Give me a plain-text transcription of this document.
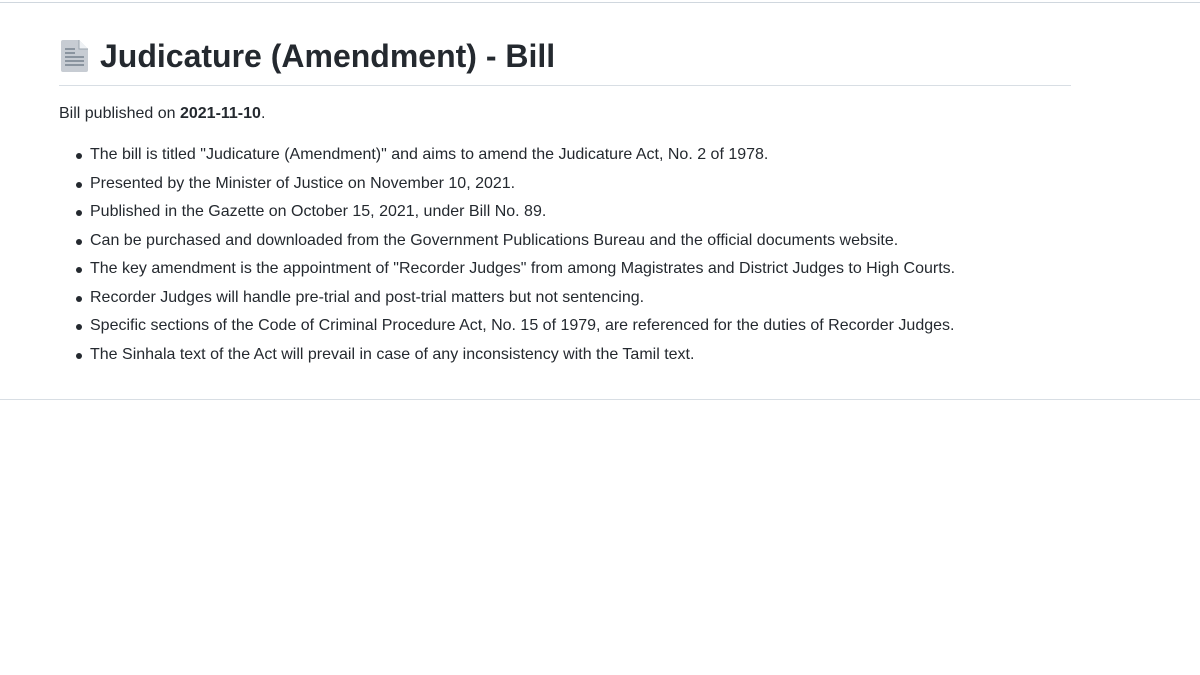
Judicature (Amendment) - Bill
Bill published on 2021-11-10.
The bill is titled "Judicature (Amendment)" and aims to amend the Judicature Act, No. 2 of 1978.
Presented by the Minister of Justice on November 10, 2021.
Published in the Gazette on October 15, 2021, under Bill No. 89.
Can be purchased and downloaded from the Government Publications Bureau and the official documents website.
The key amendment is the appointment of "Recorder Judges" from among Magistrates and District Judges to High Courts.
Recorder Judges will handle pre-trial and post-trial matters but not sentencing.
Specific sections of the Code of Criminal Procedure Act, No. 15 of 1979, are referenced for the duties of Recorder Judges.
The Sinhala text of the Act will prevail in case of any inconsistency with the Tamil text.
